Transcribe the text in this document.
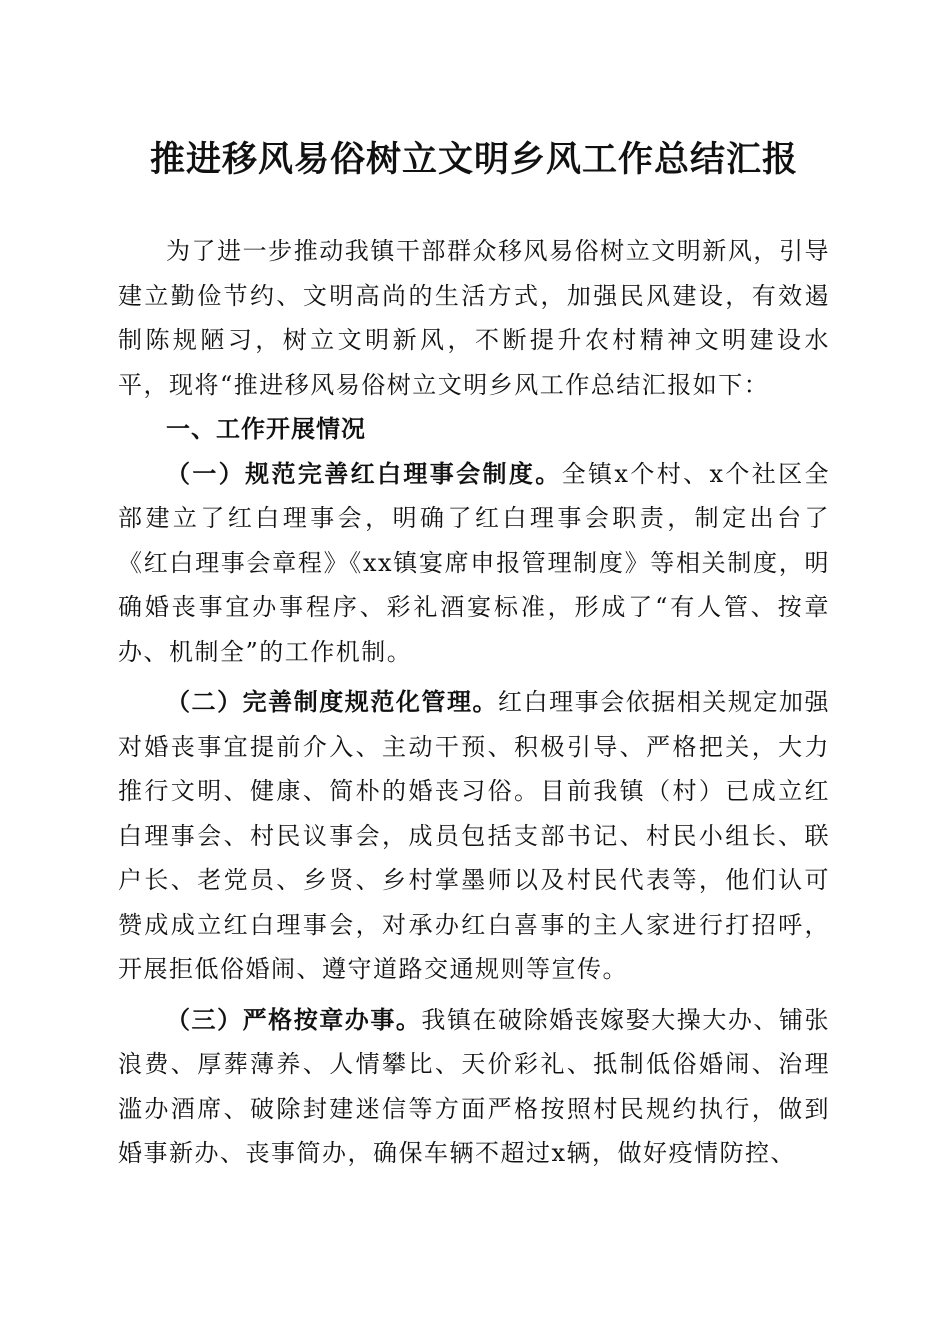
推进移风易俗树立文明乡风工作总结汇报

为了进一步推动我镇干部群众移风易俗树立文明新风，引导建立勤俭节约、文明高尚的生活方式，加强民风建设，有效遏制陈规陋习，树立文明新风，不断提升农村精神文明建设水平，现将“推进移风易俗树立文明乡风工作总结汇报如下：

一、工作开展情况

（一）规范完善红白理事会制度。全镇x个村、x个社区全部建立了红白理事会，明确了红白理事会职责，制定出台了《红白理事会章程》《xx镇宴席申报管理制度》等相关制度，明确婚丧事宜办事程序、彩礼酒宴标准，形成了“有人管、按章办、机制全”的工作机制。

（二）完善制度规范化管理。红白理事会依据相关规定加强对婚丧事宜提前介入、主动干预、积极引导、严格把关，大力推行文明、健康、简朴的婚丧习俗。目前我镇（村）已成立红白理事会、村民议事会，成员包括支部书记、村民小组长、联户长、老党员、乡贤、乡村掌墨师以及村民代表等，他们认可赞成成立红白理事会，对承办红白喜事的主人家进行打招呼，开展拒低俗婚闹、遵守道路交通规则等宣传。

（三）严格按章办事。我镇在破除婚丧嫁娶大操大办、铺张浪费、厚葬薄养、人情攀比、天价彩礼、抵制低俗婚闹、治理滥办酒席、破除封建迷信等方面严格按照村民规约执行，做到婚事新办、丧事简办，确保车辆不超过x辆，做好疫情防控、
